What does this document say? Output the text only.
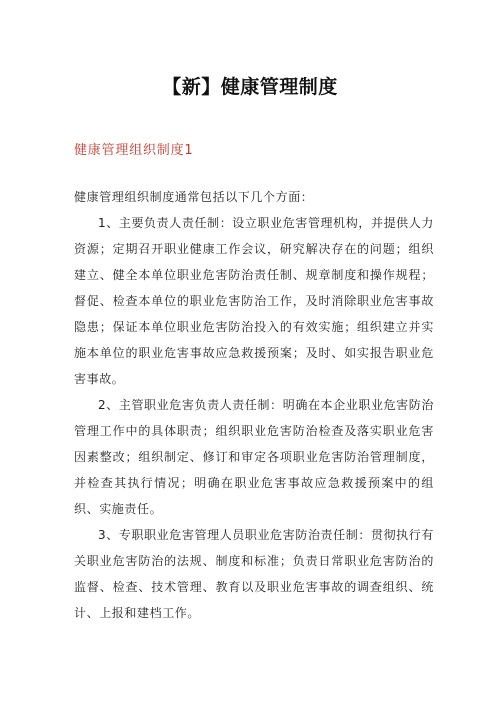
【新】健康管理制度
健康管理组织制度1

健康管理组织制度通常包括以下几个方面：

1、主要负责人责任制：设立职业危害管理机构，并提供人力资源；定期召开职业健康工作会议，研究解决存在的问题；组织建立、健全本单位职业危害防治责任制、规章制度和操作规程；督促、检查本单位的职业危害防治工作，及时消除职业危害事故隐患；保证本单位职业危害防治投入的有效实施；组织建立并实施本单位的职业危害事故应急救援预案；及时、如实报告职业危害事故。

2、主管职业危害负责人责任制：明确在本企业职业危害防治管理工作中的具体职责；组织职业危害防治检查及落实职业危害因素整改；组织制定、修订和审定各项职业危害防治管理制度，并检查其执行情况；明确在职业危害事故应急救援预案中的组织、实施责任。

3、专职职业危害管理人员职业危害防治责任制：贯彻执行有关职业危害防治的法规、制度和标准；负责日常职业危害防治的监督、检查、技术管理、教育以及职业危害事故的调查组织、统计、上报和建档工作。
